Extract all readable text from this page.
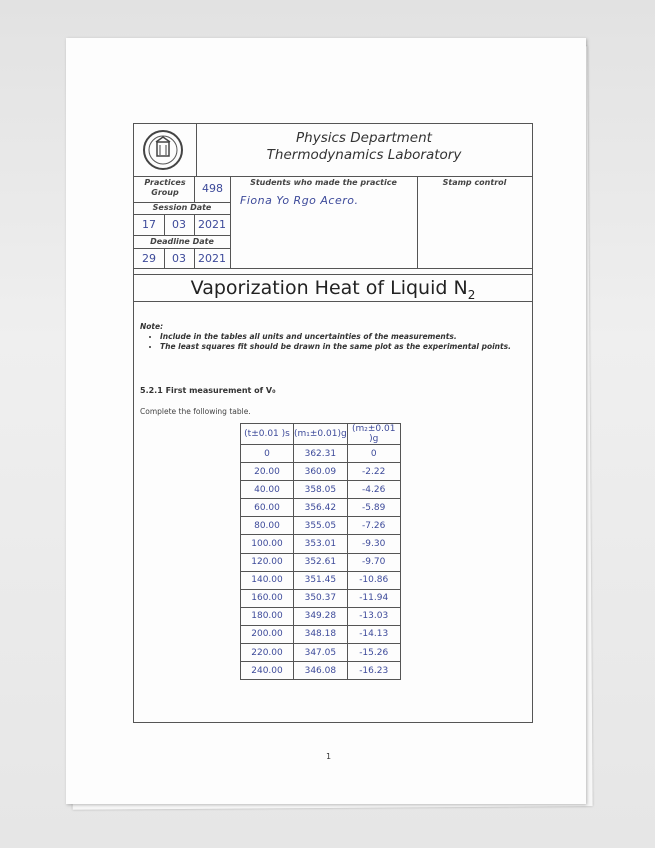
Physics Department
Thermodynamics Laboratory
Practices Group	498
Session Date
17	03	2021
Deadline Date
29	03	2021
Students who made the practice
Fiona Yo Rgo Acero.
Stamp control
Vaporization Heat of Liquid $N_2$
Note:
• Include in the tables all units and uncertainties of the measurements.
• The least squares fit should be drawn in the same plot as the experimental points.
5.2.1 First measurement of V₀
Complete the following table.
(t±0.01 )s	(m₁±0.01)g	(m₂±0.01 )g
0	362.31	0
20.00	360.09	-2.22
40.00	358.05	-4.26
60.00	356.42	-5.89
80.00	355.05	-7.26
100.00	353.01	-9.30
120.00	352.61	-9.70
140.00	351.45	-10.86
160.00	350.37	-11.94
180.00	349.28	-13.03
200.00	348.18	-14.13
220.00	347.05	-15.26
240.00	346.08	-16.23
1
